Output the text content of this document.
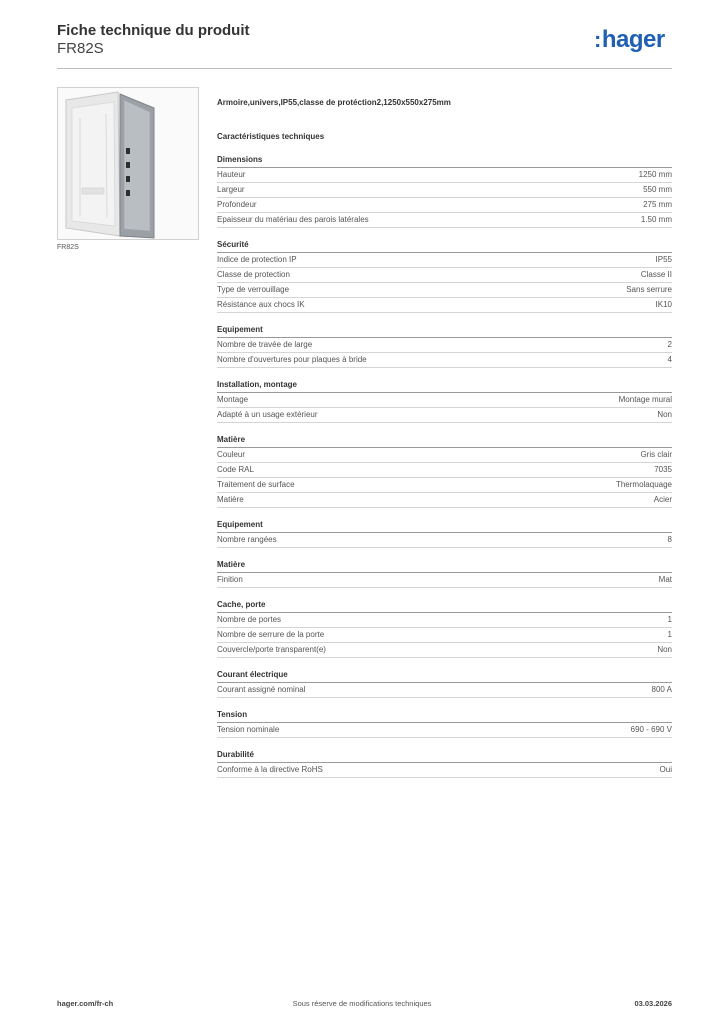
Fiche technique du produit
FR82S	:hager
FR82S
Armoire,univers,IP55,classe de protéction2,1250x550x275mm
Caractéristiques techniques
Dimensions
Hauteur	1250 mm
Largeur	550 mm
Profondeur	275 mm
Epaisseur du matériau des parois latérales	1.50 mm
Sécurité
Indice de protection IP	IP55
Classe de protection	Classe II
Type de verrouillage	Sans serrure
Résistance aux chocs IK	IK10
Equipement
Nombre de travée de large	2
Nombre d'ouvertures pour plaques à bride	4
Installation, montage
Montage	Montage mural
Adapté à un usage extérieur	Non
Matière
Couleur	Gris clair
Code RAL	7035
Traitement de surface	Thermolaquage
Matière	Acier
Equipement
Nombre rangées	8
Matière
Finition	Mat
Cache, porte
Nombre de portes	1
Nombre de serrure de la porte	1
Couvercle/porte transparent(e)	Non
Courant électrique
Courant assigné nominal	800 A
Tension
Tension nominale	690 - 690 V
Durabilité
Conforme à la directive RoHS	Oui
hager.com/fr-ch	Sous réserve de modifications techniques	03.03.2026
